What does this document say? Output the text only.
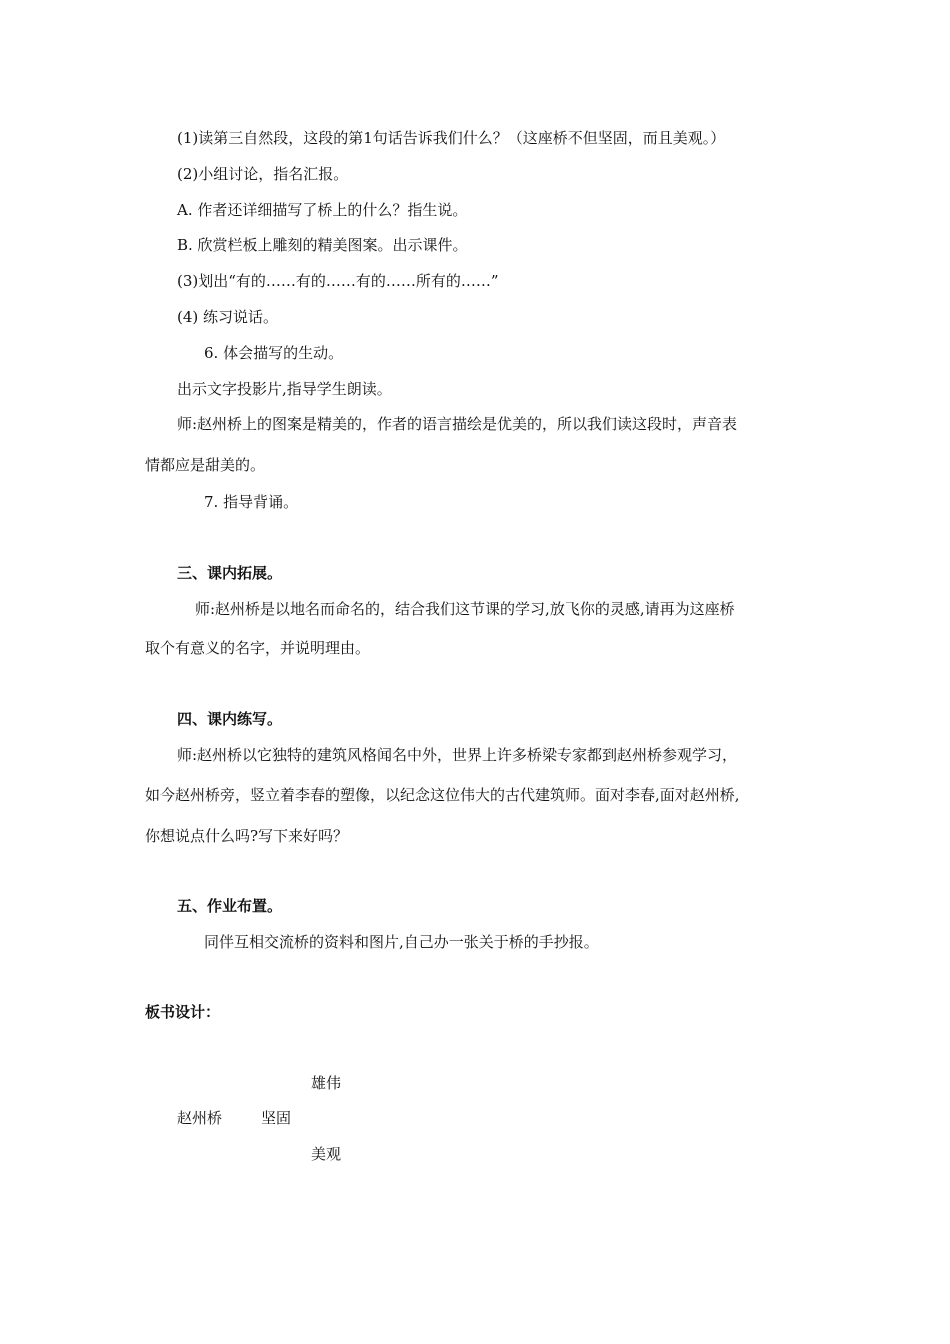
(1)读第三自然段，这段的第1句话告诉我们什么？（这座桥不但坚固，而且美观。）
(2)小组讨论，指名汇报。
A. 作者还详细描写了桥上的什么？指生说。
B. 欣赏栏板上雕刻的精美图案。出示课件。
(3)划出“有的……有的……有的……所有的……”
(4) 练习说话。
6. 体会描写的生动。
出示文字投影片,指导学生朗读。
师:赵州桥上的图案是精美的，作者的语言描绘是优美的，所以我们读这段时，声音表
情都应是甜美的。
7. 指导背诵。
三、课内拓展。
师:赵州桥是以地名而命名的，结合我们这节课的学习,放飞你的灵感,请再为这座桥
取个有意义的名字，并说明理由。
四、课内练写。
师:赵州桥以它独特的建筑风格闻名中外，世界上许多桥梁专家都到赵州桥参观学习，
如今赵州桥旁，竖立着李春的塑像，以纪念这位伟大的古代建筑师。面对李春,面对赵州桥,
你想说点什么吗?写下来好吗？
五、作业布置。
同伴互相交流桥的资料和图片,自己办一张关于桥的手抄报。
板书设计：
雄伟
赵州桥	坚固
美观
